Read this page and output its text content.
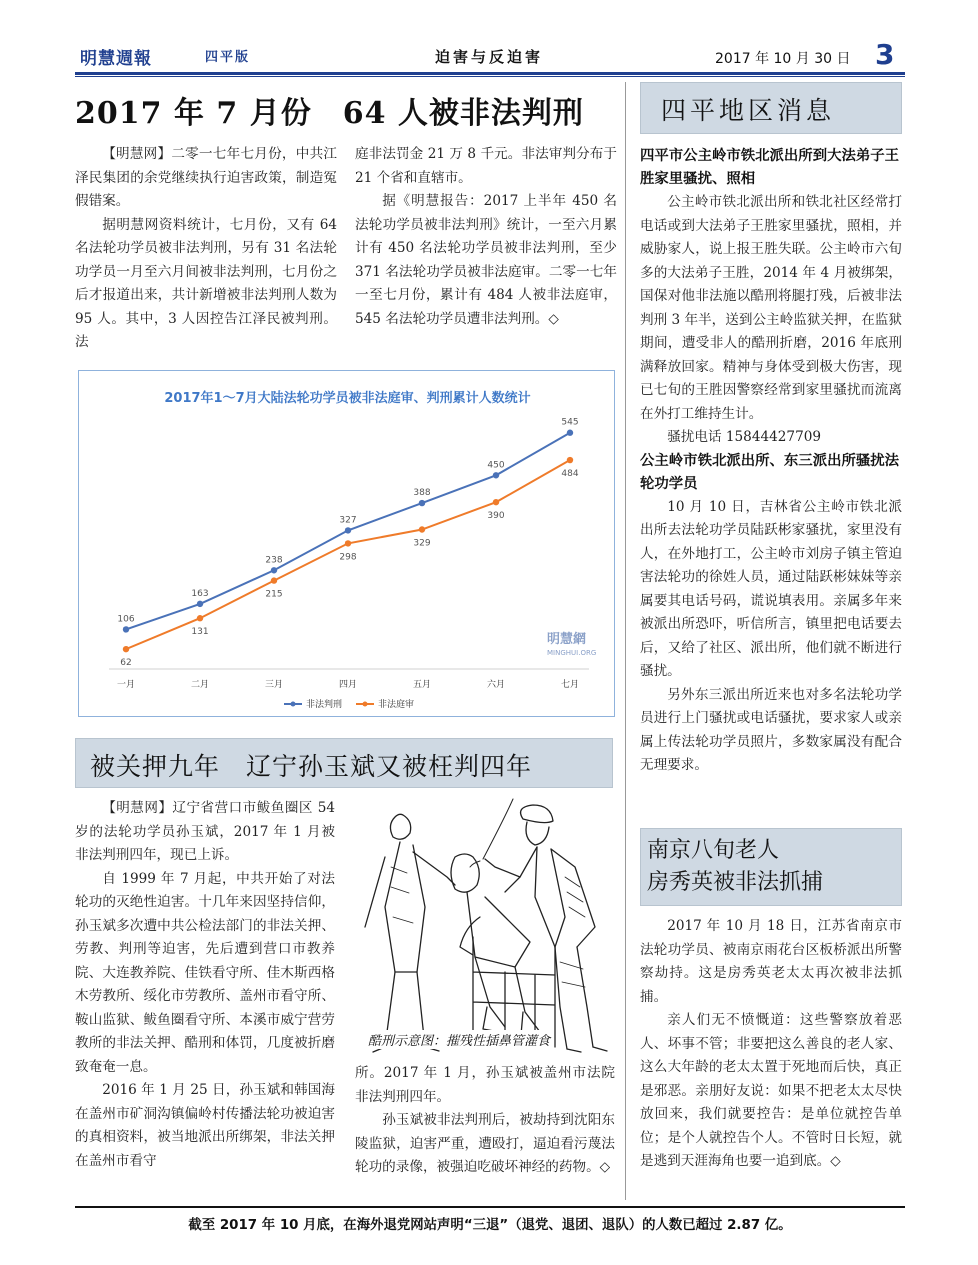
明慧週報	四平版	迫害与反迫害	2017 年 10 月 30 日 3
2017 年 7 月份　64 人被非法判刑

【明慧网】二零一七年七月份，中共江泽民集团的余党继续执行迫害政策，制造冤假错案。

据明慧网资料统计，七月份，又有 64 名法轮功学员被非法判刑，另有 31 名法轮功学员一月至六月间被非法判刑，七月份之后才报道出来，共计新增被非法判刑人数为 95 人。其中，3 人因控告江泽民被判刑。法

庭非法罚金 21 万 8 千元。非法审判分布于 21 个省和直辖市。

据《明慧报告：2017 上半年 450 名法轮功学员被非法判刑》统计，一至六月累计有 450 名法轮功学员被非法判刑，至少 371 名法轮功学员被非法庭审。二零一七年一至七月份，累计有 484 人被非法庭审，545 名法轮功学员遭非法判刑。◇

2017年1～7月大陆法轮功学员被非法庭审、判刑累计人数统计
106
163
238
327
388
450
545
62
131
215
298
329
390
484
一月	二月	三月	四月	五月	六月	七月
非法判刑	非法庭审
明慧網
MINGHUI.ORG
被关押九年　辽宁孙玉斌又被枉判四年

【明慧网】辽宁省营口市鲅鱼圈区 54 岁的法轮功学员孙玉斌，2017 年 1 月被非法判刑四年，现已上诉。

自 1999 年 7 月起，中共开始了对法轮功的灭绝性迫害。十几年来因坚持信仰，孙玉斌多次遭中共公检法部门的非法关押、劳教、判刑等迫害，先后遭到营口市教养院、大连教养院、佳铁看守所、佳木斯西格木劳教所、绥化市劳教所、盖州市看守所、鞍山监狱、鲅鱼圈看守所、本溪市威宁营劳教所的非法关押、酷刑和体罚，几度被折磨致奄奄一息。

2016 年 1 月 25 日，孙玉斌和韩国海在盖州市矿洞沟镇偏岭村传播法轮功被迫害的真相资料，被当地派出所绑架，非法关押在盖州市看守

酷刑示意图：摧残性插鼻管灌食

所。2017 年 1 月，孙玉斌被盖州市法院非法判刑四年。

孙玉斌被非法判刑后，被劫持到沈阳东陵监狱，迫害严重，遭殴打，逼迫看污蔑法轮功的录像，被强迫吃破坏神经的药物。◇

四平地区消息
四平市公主岭市铁北派出所到大法弟子王胜家里骚扰、照相

公主岭市铁北派出所和铁北社区经常打电话或到大法弟子王胜家里骚扰，照相，并威胁家人，说上报王胜失联。公主岭市六旬多的大法弟子王胜，2014 年 4 月被绑架，国保对他非法施以酷刑将腿打残，后被非法判刑 3 年半，送到公主岭监狱关押，在监狱期间，遭受非人的酷刑折磨，2016 年底刑满释放回家。精神与身体受到极大伤害，现已七旬的王胜因警察经常到家里骚扰而流离在外打工维持生计。

骚扰电话 15844427709

公主岭市铁北派出所、东三派出所骚扰法轮功学员

10 月 10 日，吉林省公主岭市铁北派出所去法轮功学员陆跃彬家骚扰，家里没有人，在外地打工，公主岭市刘房子镇主管迫害法轮功的徐姓人员，通过陆跃彬妹妹等亲属要其电话号码，谎说填表用。亲属多年来被派出所恐吓，听信所言，镇里把电话要去后，又给了社区、派出所，他们就不断进行骚扰。

另外东三派出所近来也对多名法轮功学员进行上门骚扰或电话骚扰，要求家人或亲属上传法轮功学员照片，多数家属没有配合无理要求。

南京八旬老人
房秀英被非法抓捕

2017 年 10 月 18 日，江苏省南京市法轮功学员、被南京雨花台区板桥派出所警察劫持。这是房秀英老太太再次被非法抓捕。

亲人们无不愤慨道：这些警察放着恶人、坏事不管；非要把这么善良的老人家、这么大年龄的老太太置于死地而后快，真正是邪恶。亲朋好友说：如果不把老太太尽快放回来，我们就要控告：是单位就控告单位；是个人就控告个人。不管时日长短，就是逃到天涯海角也要一追到底。◇

截至 2017 年 10 月底，在海外退党网站声明“三退”（退党、退团、退队）的人数已超过 2.87 亿。
